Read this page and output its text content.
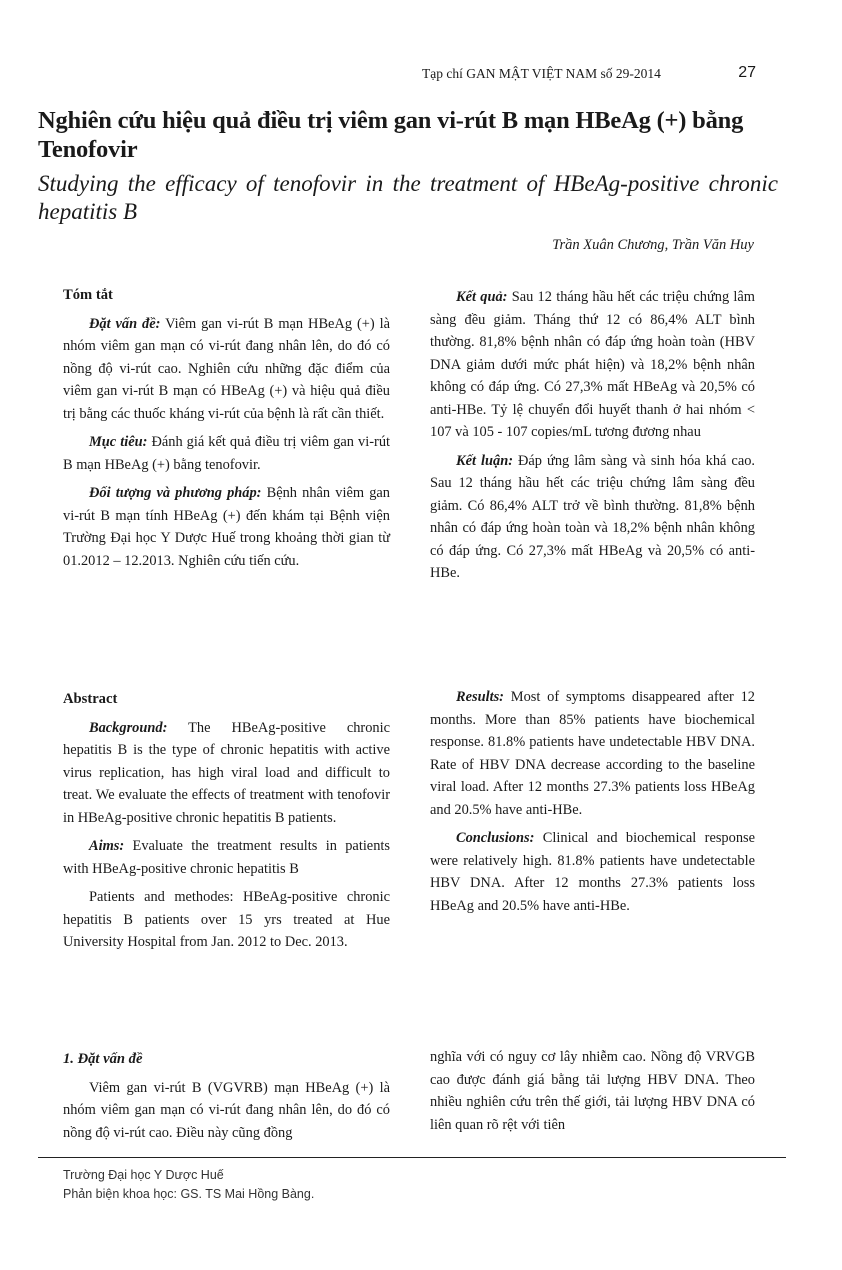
Tạp chí GAN MẬT VIỆT NAM số 29-2014	27
Nghiên cứu hiệu quả điều trị viêm gan vi-rút B mạn HBeAg (+) bằng Tenofovir
Studying the efficacy of tenofovir in the treatment of HBeAg-positive chronic hepatitis B
Trần Xuân Chương, Trần Văn Huy
Tóm tắt

Đặt vấn đề: Viêm gan vi-rút B mạn HBeAg (+) là nhóm viêm gan mạn có vi-rút đang nhân lên, do đó có nồng độ vi-rút cao. Nghiên cứu những đặc điểm của viêm gan vi-rút B mạn có HBeAg (+) và hiệu quả điều trị bằng các thuốc kháng vi-rút của bệnh là rất cần thiết.

Mục tiêu: Đánh giá kết quả điều trị viêm gan vi-rút B mạn HBeAg (+) bằng tenofovir.

Đối tượng và phương pháp: Bệnh nhân viêm gan vi-rút B mạn tính HBeAg (+) đến khám tại Bệnh viện Trường Đại học Y Dược Huế trong khoảng thời gian từ 01.2012 – 12.2013. Nghiên cứu tiến cứu.

Kết quả: Sau 12 tháng hầu hết các triệu chứng lâm sàng đều giảm. Tháng thứ 12 có 86,4% ALT bình thường. 81,8% bệnh nhân có đáp ứng hoàn toàn (HBV DNA giảm dưới mức phát hiện) và 18,2% bệnh nhân không có đáp ứng. Có 27,3% mất HBeAg và 20,5% có anti-HBe. Tỷ lệ chuyển đổi huyết thanh ở hai nhóm < 107 và 105 - 107 copies/mL tương đương nhau

Kết luận: Đáp ứng lâm sàng và sinh hóa khá cao. Sau 12 tháng hầu hết các triệu chứng lâm sàng đều giảm. Có 86,4% ALT trở về bình thường. 81,8% bệnh nhân có đáp ứng hoàn toàn và 18,2% bệnh nhân không có đáp ứng. Có 27,3% mất HBeAg và 20,5% có anti-HBe.

Abstract

Background: The HBeAg-positive chronic hepatitis B is the type of chronic hepatitis with active virus replication, has high viral load and difficult to treat. We evaluate the effects of treatment with tenofovir in HBeAg-positive chronic hepatitis B patients.

Aims: Evaluate the treatment results in patients with HBeAg-positive chronic hepatitis B

Patients and methodes: HBeAg-positive chronic hepatitis B patients over 15 yrs treated at Hue University Hospital from Jan. 2012 to Dec. 2013.

Results: Most of symptoms disappeared after 12 months. More than 85% patients have biochemical response. 81.8% patients have undetectable HBV DNA. Rate of HBV DNA decrease according to the baseline viral load. After 12 months 27.3% patients loss HBeAg and 20.5% have anti-HBe.

Conclusions: Clinical and biochemical response were relatively high. 81.8% patients have undetectable HBV DNA. After 12 months 27.3% patients loss HBeAg and 20.5% have anti-HBe.

1. Đặt vấn đề

Viêm gan vi-rút B (VGVRB) mạn HBeAg (+) là nhóm viêm gan mạn có vi-rút đang nhân lên, do đó có nồng độ vi-rút cao. Điều này cũng đồng

nghĩa với có nguy cơ lây nhiễm cao. Nồng độ VRVGB cao được đánh giá bằng tải lượng HBV DNA. Theo nhiều nghiên cứu trên thế giới, tải lượng HBV DNA có liên quan rõ rệt với tiên

Trường Đại học Y Dược Huế
Phản biện khoa học: GS. TS Mai Hồng Bàng.
